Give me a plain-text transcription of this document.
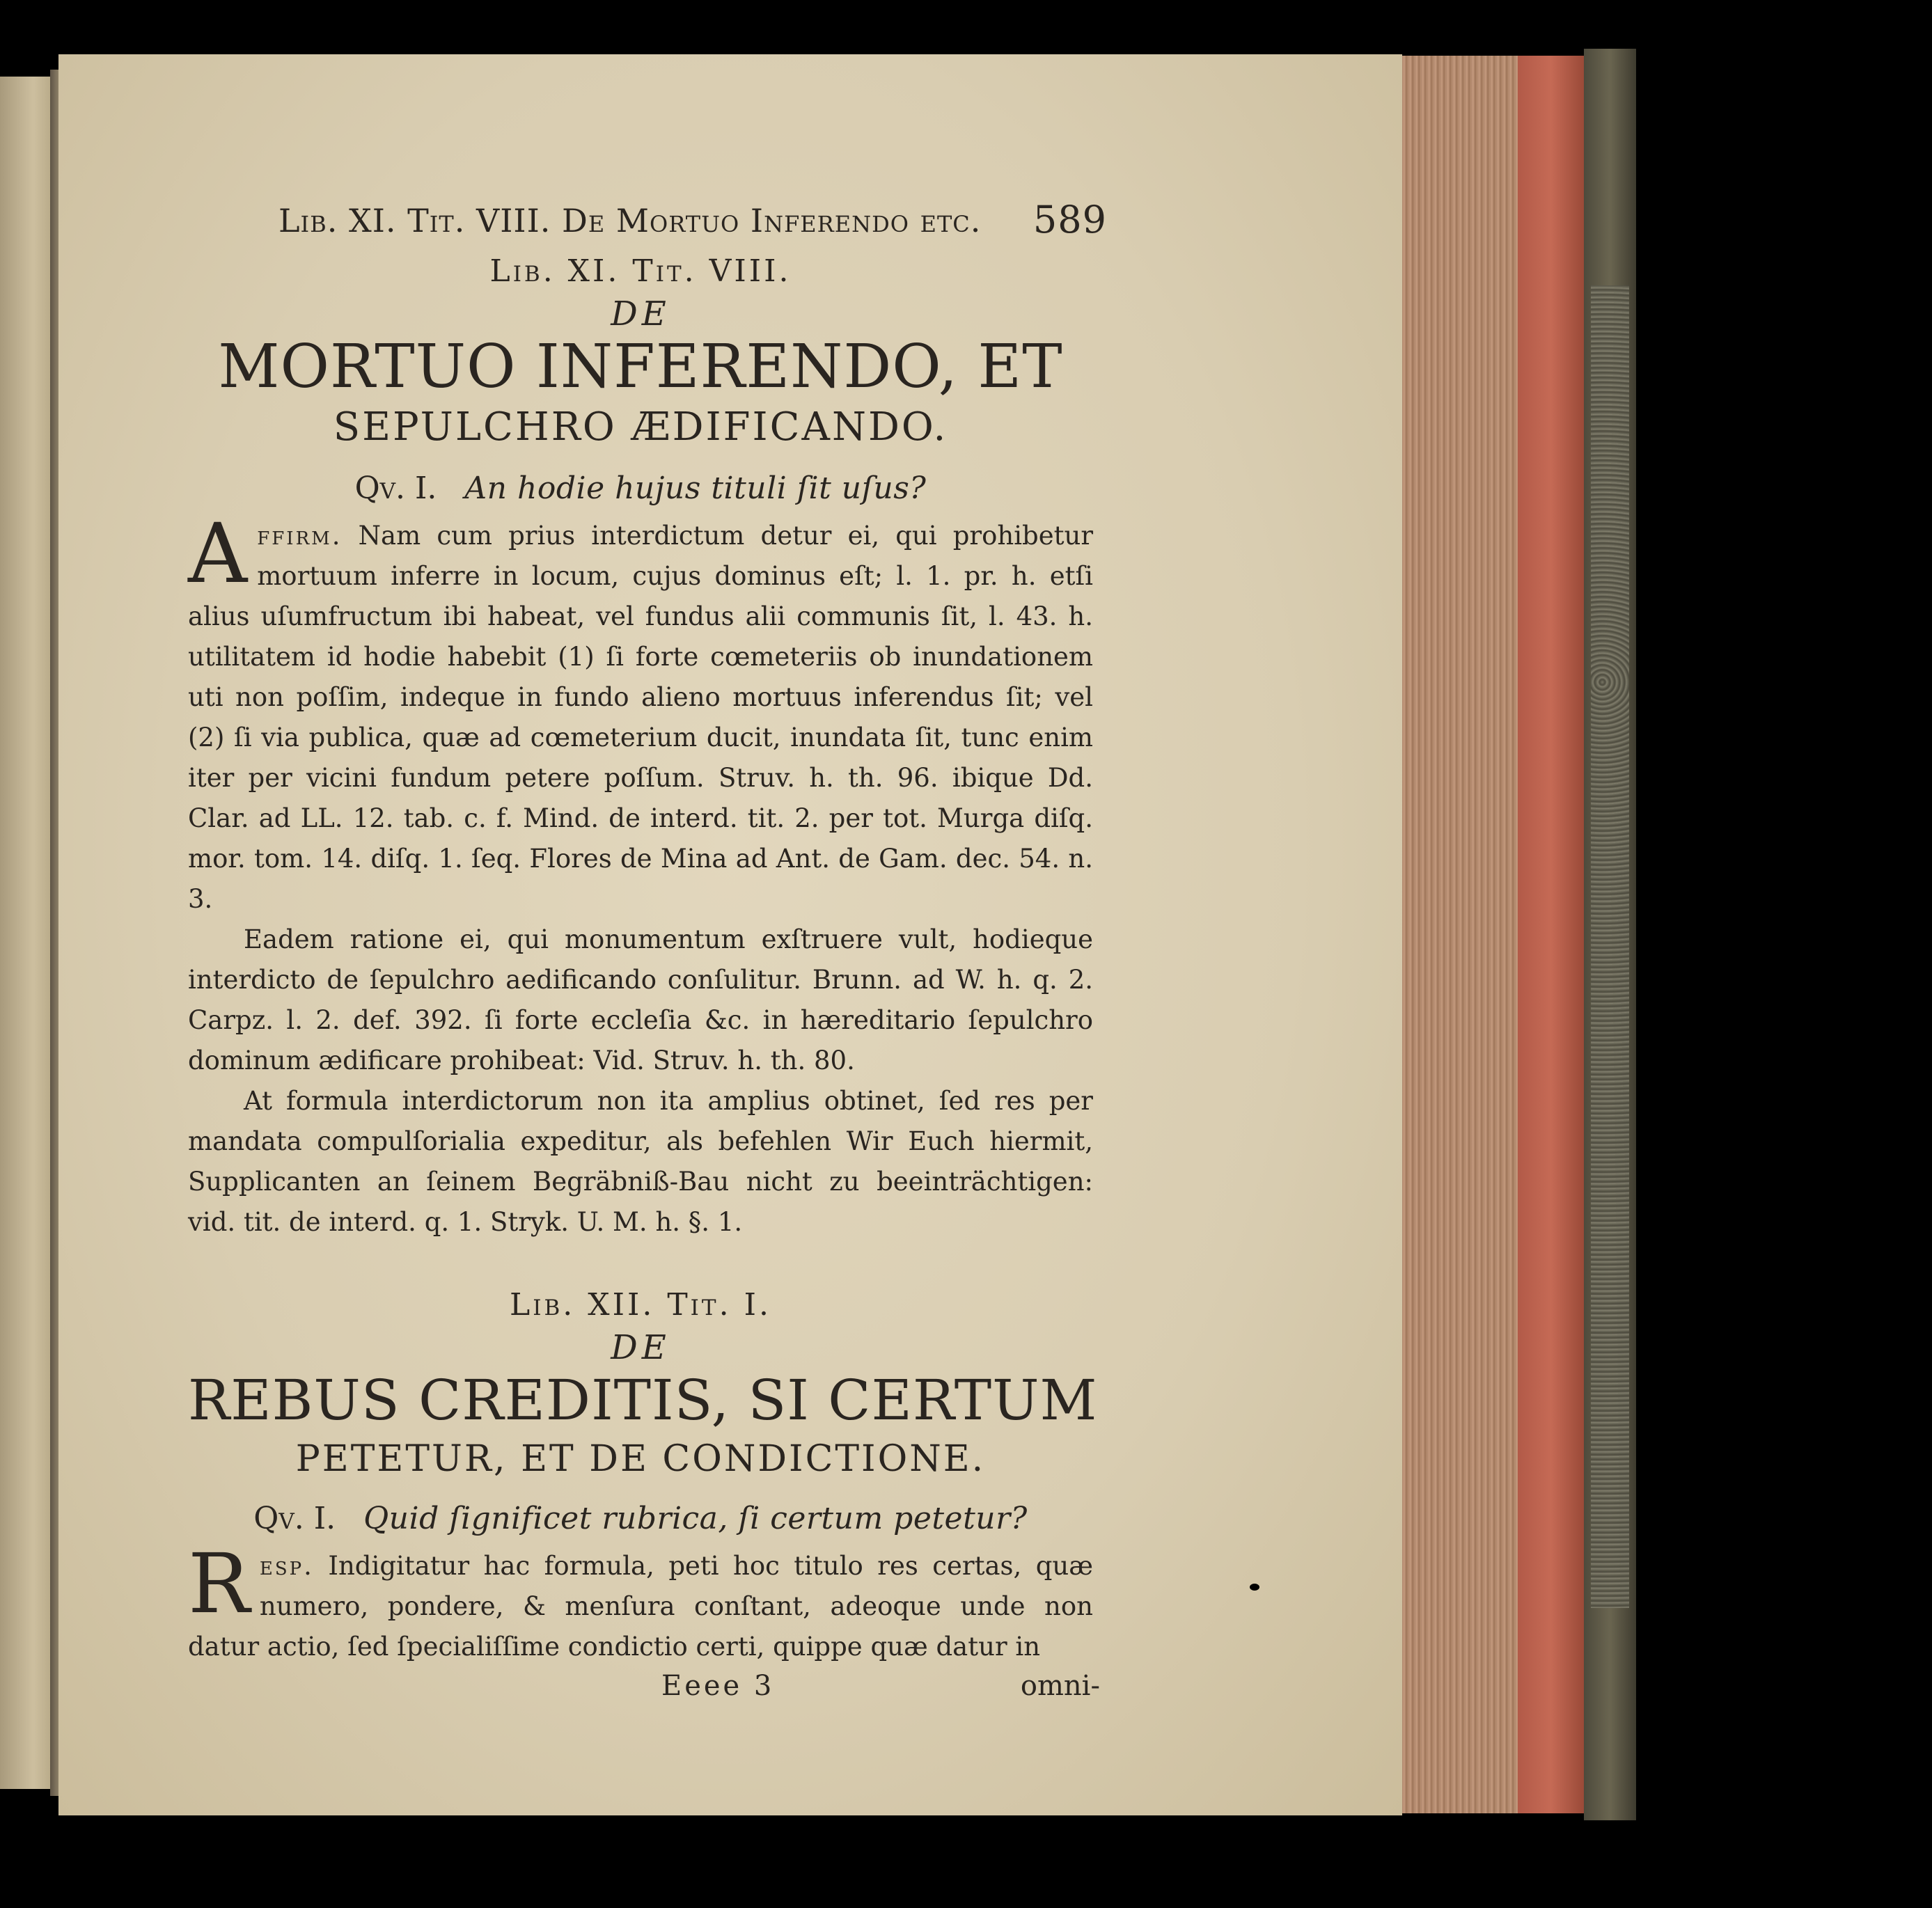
Lib. XI. Tit. VIII. De Mortuo Inferendo etc. 589
Lib. XI. Tit. VIII.
DE
MORTUO INFERENDO, ET
SEPULCHRO ÆDIFICANDO.
Qv. I. An hodie hujus tituli ſit uſus?

Affirm. Nam cum prius interdictum detur ei, qui prohibetur mortuum inferre in locum, cujus dominus eſt; l. 1. pr. h. etſi alius uſumfructum ibi habeat, vel fundus alii communis ſit, l. 43. h. utilitatem id hodie habebit (1) ſi forte cœmeteriis ob inundationem uti non poſſim, indeque in fundo alieno mortuus inferendus ſit; vel (2) ſi via publica, quæ ad cœmeterium ducit, inundata ſit, tunc enim iter per vicini fundum petere poſſum. Struv. h. th. 96. ibique Dd. Clar. ad LL. 12. tab. c. f. Mind. de interd. tit. 2. per tot. Murga diſq. mor. tom. 14. diſq. 1. ſeq. Flores de Mina ad Ant. de Gam. dec. 54. n. 3.

Eadem ratione ei, qui monumentum exſtruere vult, hodieque interdicto de ſepulchro aedificando conſulitur. Brunn. ad W. h. q. 2. Carpz. l. 2. def. 392. ſi forte eccleſia &c. in hæreditario ſepulchro dominum ædificare prohibeat: Vid. Struv. h. th. 80.

At formula interdictorum non ita amplius obtinet, ſed res per mandata compulſorialia expeditur, als befehlen Wir Euch hiermit, Supplicanten an ſeinem Begräbniß-Bau nicht zu beeinträchtigen: vid. tit. de interd. q. 1. Stryk. U. M. h. §. 1.

Lib. XII. Tit. I.
DE
REBUS CREDITIS, SI CERTUM
PETETUR, ET DE CONDICTIONE.
Qv. I. Quid ſignificet rubrica, ſi certum petetur?

Resp. Indigitatur hac formula, peti hoc titulo res certas, quæ numero, pondere, & menſura conſtant, adeoque unde non datur actio, ſed ſpecialiſſime condictio certi, quippe quæ datur in

Eeee 3	omni-
